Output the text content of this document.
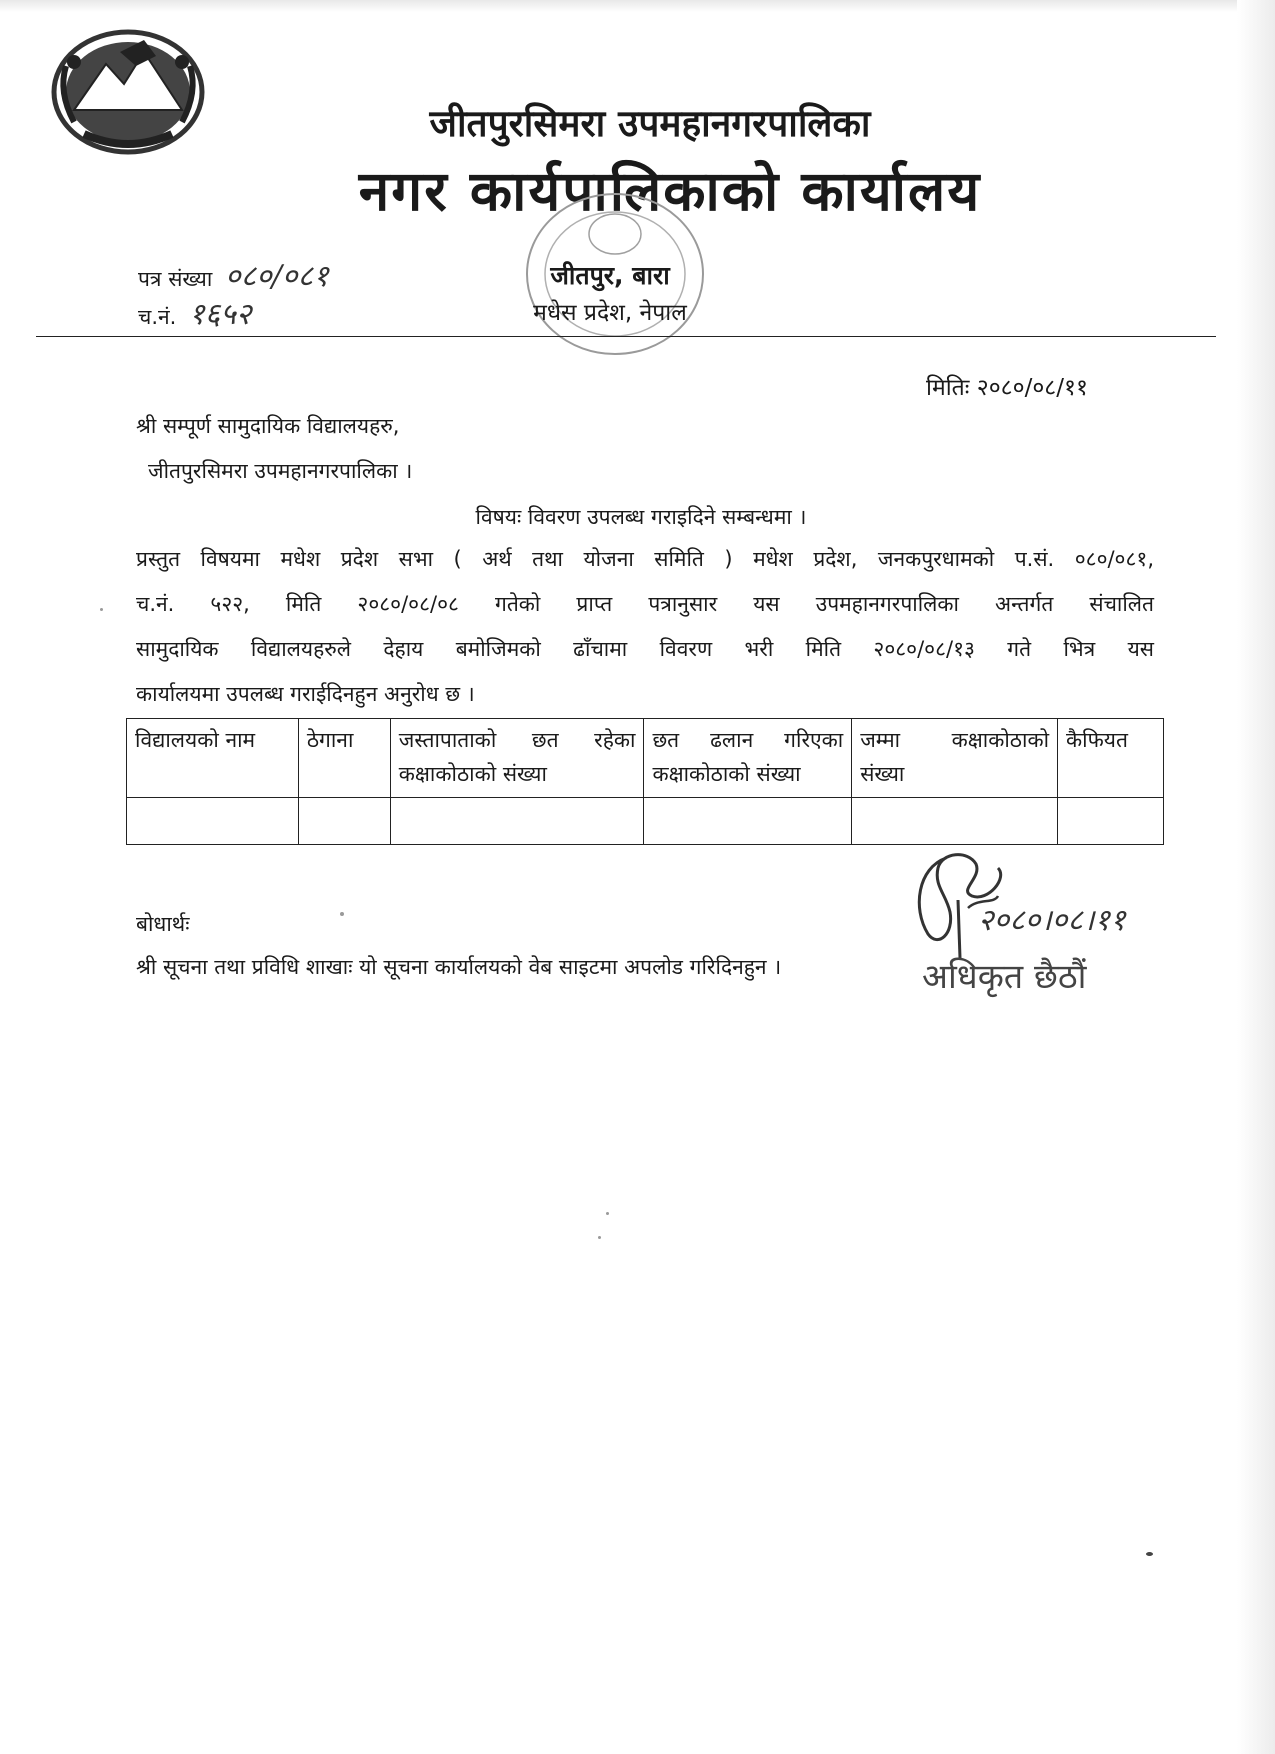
जीतपुरसिमरा उपमहानगरपालिका
नगर कार्यपालिकाको कार्यालय
पत्र संख्या ०८०/०८१
च.नं. १६५२
जीतपुर, बारा
मधेस प्रदेश, नेपाल
मितिः २०८०/०८/११
श्री सम्पूर्ण सामुदायिक विद्यालयहरु,
जीतपुरसिमरा उपमहानगरपालिका ।
विषयः विवरण उपलब्ध गराइदिने सम्बन्धमा ।
प्रस्तुत विषयमा मधेश प्रदेश सभा ( अर्थ तथा योजना समिति ) मधेश प्रदेश, जनकपुरधामको प.सं. ०८०/०८१,
च.नं. ५२२, मिति २०८०/०८/०८ गतेको प्राप्त पत्रानुसार यस उपमहानगरपालिका अन्तर्गत संचालित
सामुदायिक विद्यालयहरुले देहाय बमोजिमको ढाँचामा विवरण भरी मिति २०८०/०८/१३ गते भित्र यस
कार्यालयमा उपलब्ध गराईदिनहुन अनुरोध छ ।
विद्यालयको नाम	ठेगाना	जस्तापाताको छत रहेका कक्षाकोठाको संख्या	छत ढलान गरिएका कक्षाकोठाको संख्या	जम्मा कक्षाकोठाको संख्या	कैफियत

२०८०।०८।११
अधिकृत छैठौं
बोधार्थः
श्री सूचना तथा प्रविधि शाखाः यो सूचना कार्यालयको वेब साइटमा अपलोड गरिदिनहुन ।
